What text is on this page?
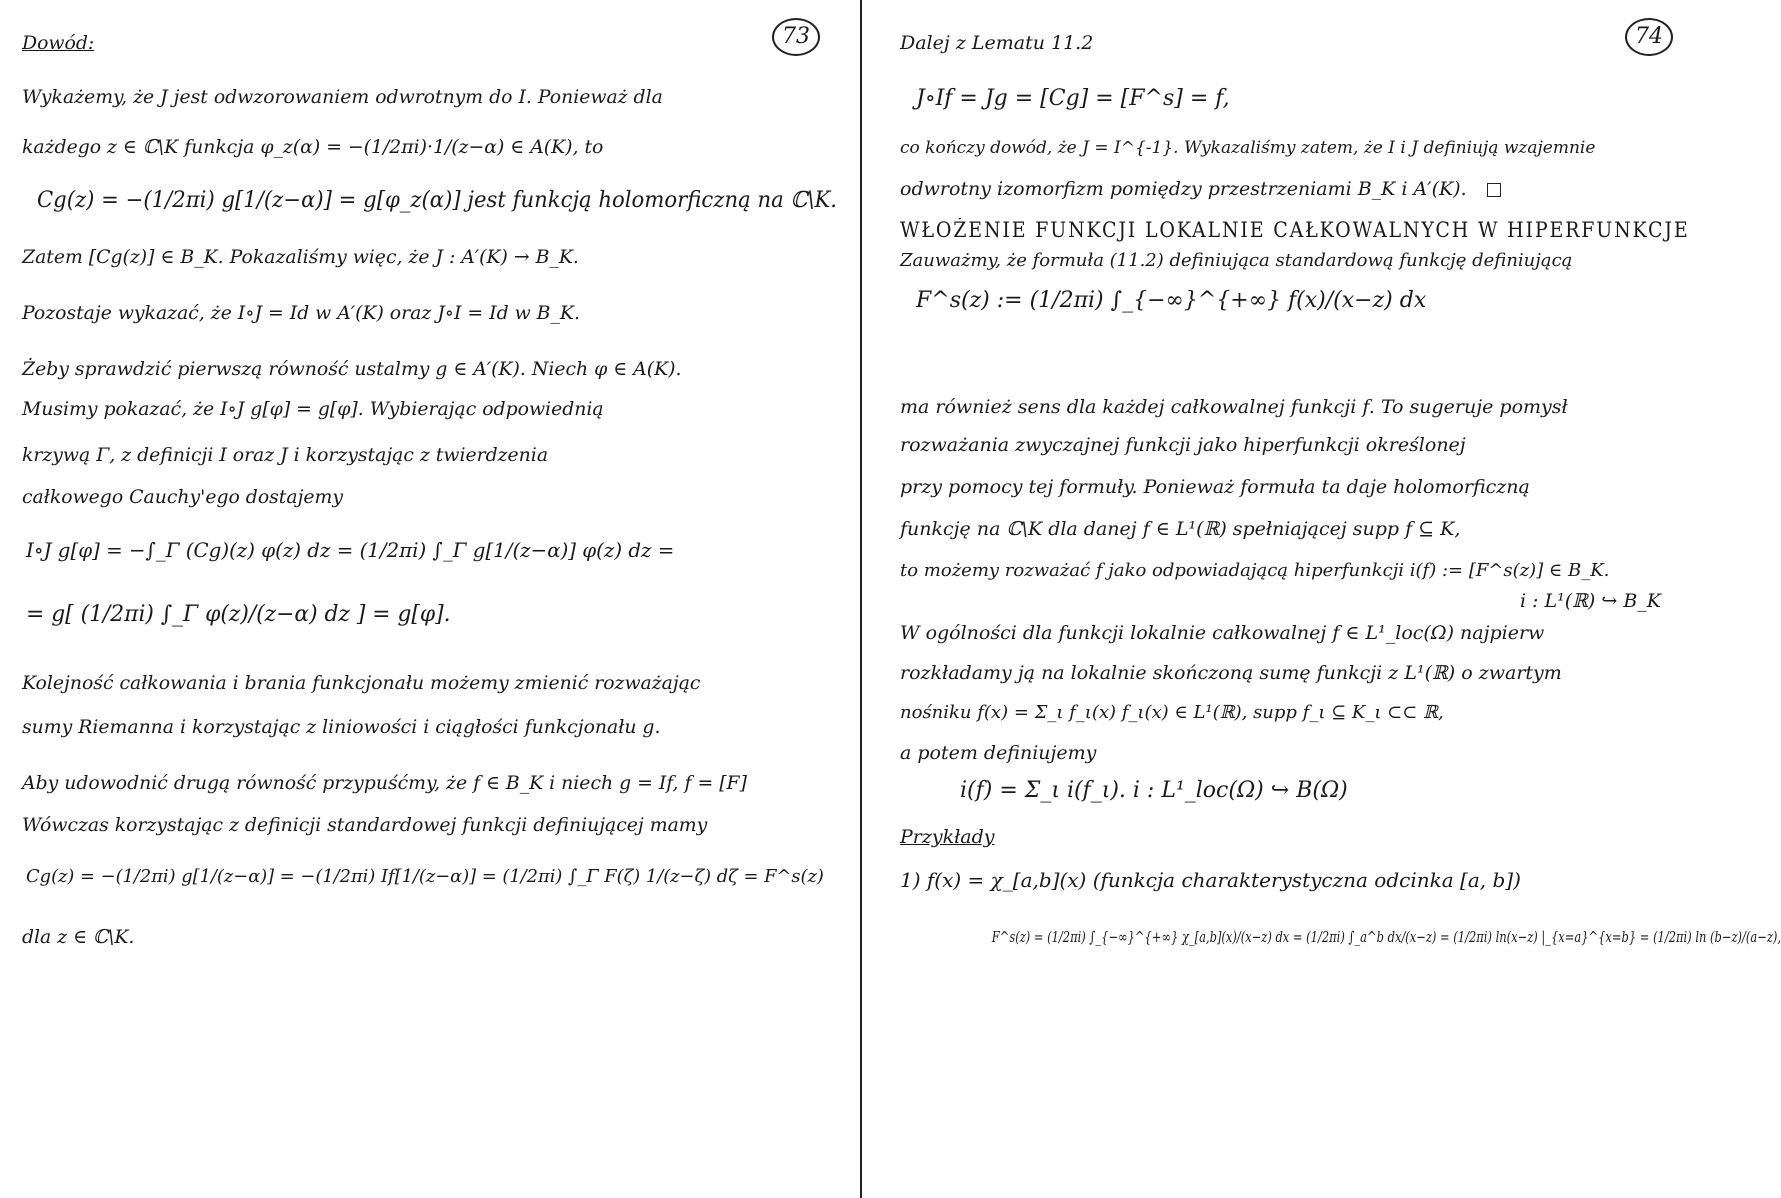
73

Dowód:

Wykażemy, że J jest odwzorowaniem odwrotnym do I. Ponieważ dla

każdego z ∈ ℂ\K funkcja φ_z(α) = −(1/2πi)·1/(z−α) ∈ A(K), to

Cg(z) = −(1/2πi) g[1/(z−α)] = g[φ_z(α)] jest funkcją holomorficzną na ℂ\K.

Zatem [Cg(z)] ∈ B_K. Pokazaliśmy więc, że J : A′(K) → B_K.

Pozostaje wykazać, że I∘J = Id w A′(K) oraz J∘I = Id w B_K.

Żeby sprawdzić pierwszą równość ustalmy g ∈ A′(K). Niech φ ∈ A(K).

Musimy pokazać, że I∘J g[φ] = g[φ]. Wybierając odpowiednią

krzywą Γ, z definicji I oraz J i korzystając z twierdzenia

całkowego Cauchy'ego dostajemy

I∘J g[φ] = −∫_Γ (Cg)(z) φ(z) dz = (1/2πi) ∫_Γ g[1/(z−α)] φ(z) dz =

= g[ (1/2πi) ∫_Γ φ(z)/(z−α) dz ] = g[φ].

Kolejność całkowania i brania funkcjonału możemy zmienić rozważając

sumy Riemanna i korzystając z liniowości i ciągłości funkcjonału g.

Aby udowodnić drugą równość przypuśćmy, że f ∈ B_K i niech g = If, f = [F]

Wówczas korzystając z definicji standardowej funkcji definiującej mamy

Cg(z) = −(1/2πi) g[1/(z−α)] = −(1/2πi) If[1/(z−α)] = (1/2πi) ∫_Γ F(ζ) 1/(z−ζ) dζ = F^s(z)

dla z ∈ ℂ\K.

74

Dalej z Lematu 11.2

J∘If = Jg = [Cg] = [F^s] = f,

co kończy dowód, że J = I^{-1}. Wykazaliśmy zatem, że I i J definiują wzajemnie

odwrotny izomorfizm pomiędzy przestrzeniami B_K i A′(K).

WŁOŻENIE FUNKCJI LOKALNIE CAŁKOWALNYCH W HIPERFUNKCJE

Zauważmy, że formuła (11.2) definiująca standardową funkcję definiującą

F^s(z) := (1/2πi) ∫_{−∞}^{+∞} f(x)/(x−z) dx

ma również sens dla każdej całkowalnej funkcji f. To sugeruje pomysł

rozważania zwyczajnej funkcji jako hiperfunkcji określonej

przy pomocy tej formuły. Ponieważ formuła ta daje holomorficzną

funkcję na ℂ\K dla danej f ∈ L¹(ℝ) spełniającej supp f ⊆ K,

to możemy rozważać f jako odpowiadającą hiperfunkcji i(f) := [F^s(z)] ∈ B_K.

i : L¹(ℝ) ↪ B_K

W ogólności dla funkcji lokalnie całkowalnej f ∈ L¹_loc(Ω) najpierw

rozkładamy ją na lokalnie skończoną sumę funkcji z L¹(ℝ) o zwartym

nośniku f(x) = Σ_ι f_ι(x) f_ι(x) ∈ L¹(ℝ), supp f_ι ⊆ K_ι ⊂⊂ ℝ,

a potem definiujemy

i(f) = Σ_ι i(f_ι). i : L¹_loc(Ω) ↪ B(Ω)

Przykłady

1) f(x) = χ_[a,b](x) (funkcja charakterystyczna odcinka [a, b])

F^s(z) = (1/2πi) ∫_{−∞}^{+∞} χ_[a,b](x)/(x−z) dx = (1/2πi) ∫_a^b dx/(x−z) = (1/2πi) ln(x−z) |_{x=a}^{x=b} = (1/2πi) ln (b−z)/(a−z),
